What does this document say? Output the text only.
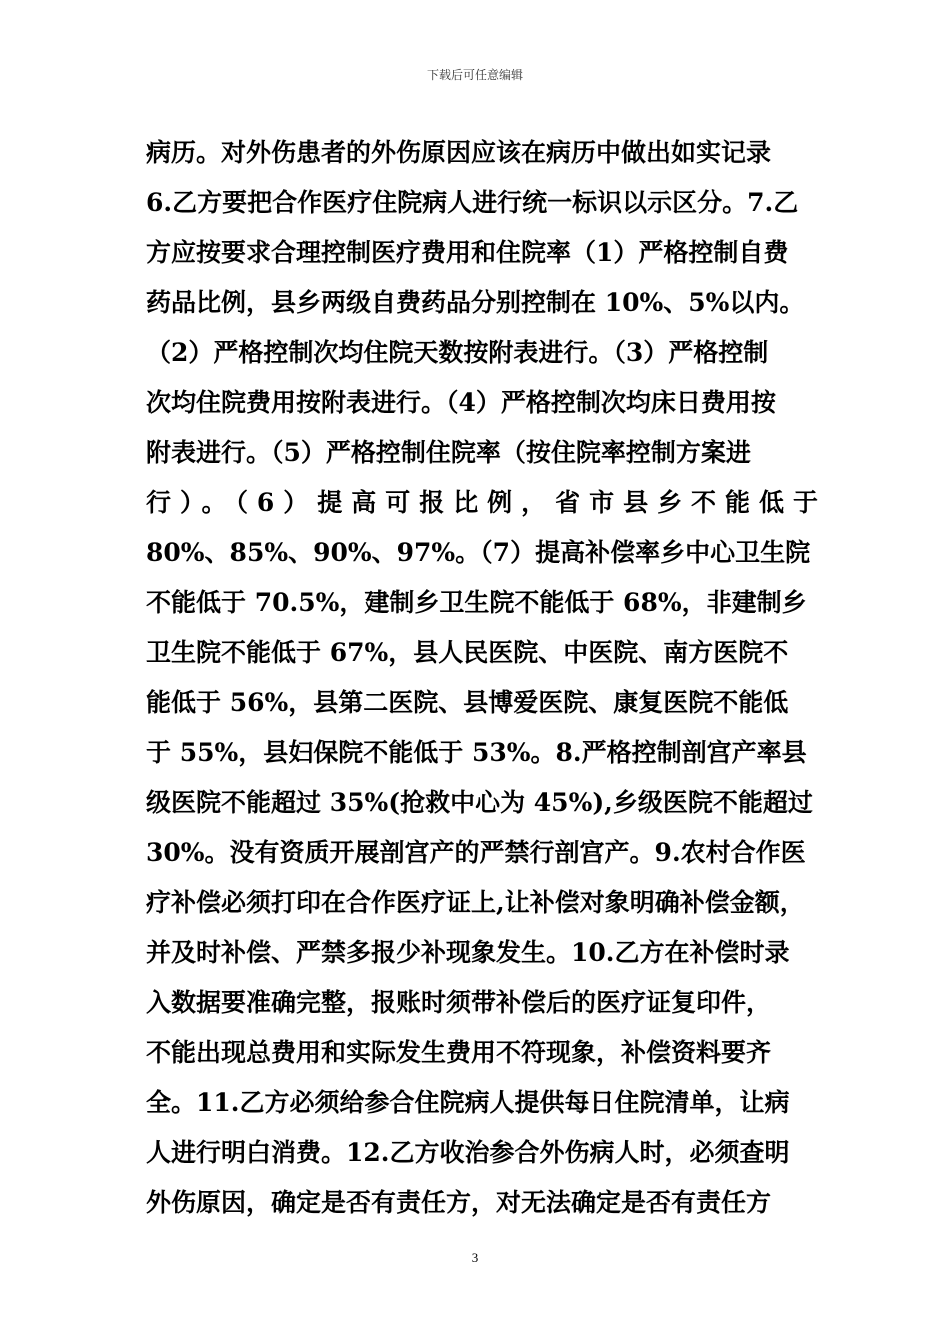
下载后可任意编辑
病历。对外伤患者的外伤原因应该在病历中做出如实记录
6.乙方要把合作医疗住院病人进行统一标识以示区分。7.乙
方应按要求合理控制医疗费用和住院率（1）严格控制自费
药品比例，县乡两级自费药品分别控制在 10%、5%以内。
（2）严格控制次均住院天数按附表进行。（3）严格控制
次均住院费用按附表进行。（4）严格控制次均床日费用按
附表进行。（5）严格控制住院率（按住院率控制方案进
行）。（6）提高可报比例，省市县乡不能低于
80%、85%、90%、97%。（7）提高补偿率乡中心卫生院
不能低于 70.5%，建制乡卫生院不能低于 68%，非建制乡
卫生院不能低于 67%，县人民医院、中医院、南方医院不
能低于 56%，县第二医院、县博爱医院、康复医院不能低
于 55%，县妇保院不能低于 53%。8.严格控制剖宫产率县
级医院不能超过 35%(抢救中心为 45%),乡级医院不能超过
30%。没有资质开展剖宫产的严禁行剖宫产。9.农村合作医
疗补偿必须打印在合作医疗证上,让补偿对象明确补偿金额，
并及时补偿、严禁多报少补现象发生。10.乙方在补偿时录
入数据要准确完整，报账时须带补偿后的医疗证复印件，
不能出现总费用和实际发生费用不符现象，补偿资料要齐
全。11.乙方必须给参合住院病人提供每日住院清单，让病
人进行明白消费。12.乙方收治参合外伤病人时，必须查明
外伤原因，确定是否有责任方，对无法确定是否有责任方
3
